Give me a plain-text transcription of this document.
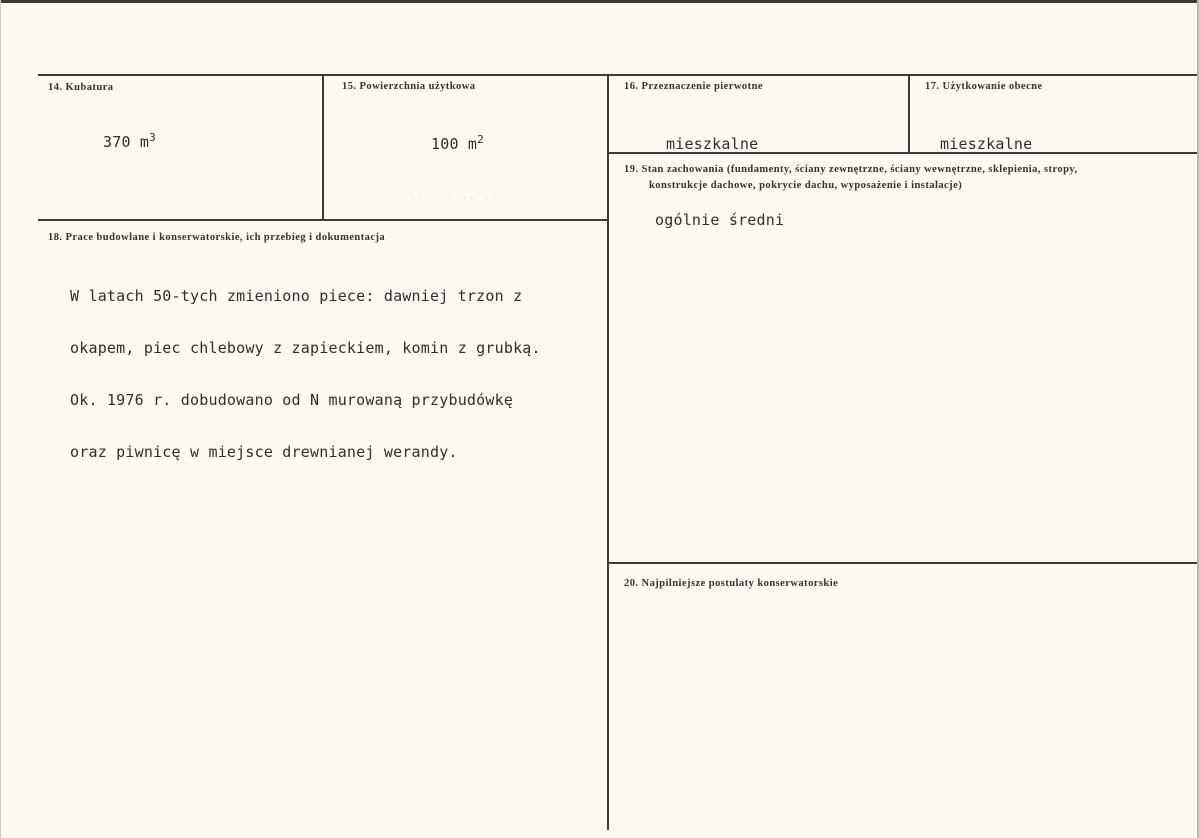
14. Kubatura
370 $m^3$
15. Powierzchnia użytkowa
100 $m^2$
·· ··· ·· ···
16. Przeznaczenie pierwotne
mieszkalne
17. Użytkowanie obecne
mieszkalne
18. Prace budowlane i konserwatorskie, ich przebieg i dokumentacja

W latach 50-tych zmieniono piece: dawniej trzon z

okapem, piec chlebowy z zapieckiem, komin z grubką.

Ok. 1976 r. dobudowano od N murowaną przybudówkę

oraz piwnicę w miejsce drewnianej werandy.

19. Stan zachowania (fundamenty, ściany zewnętrzne, ściany wewnętrzne, sklepienia, stropy,
konstrukcje dachowe, pokrycie dachu, wyposażenie i instalacje)
ogólnie średni
20. Najpilniejsze postulaty konserwatorskie
